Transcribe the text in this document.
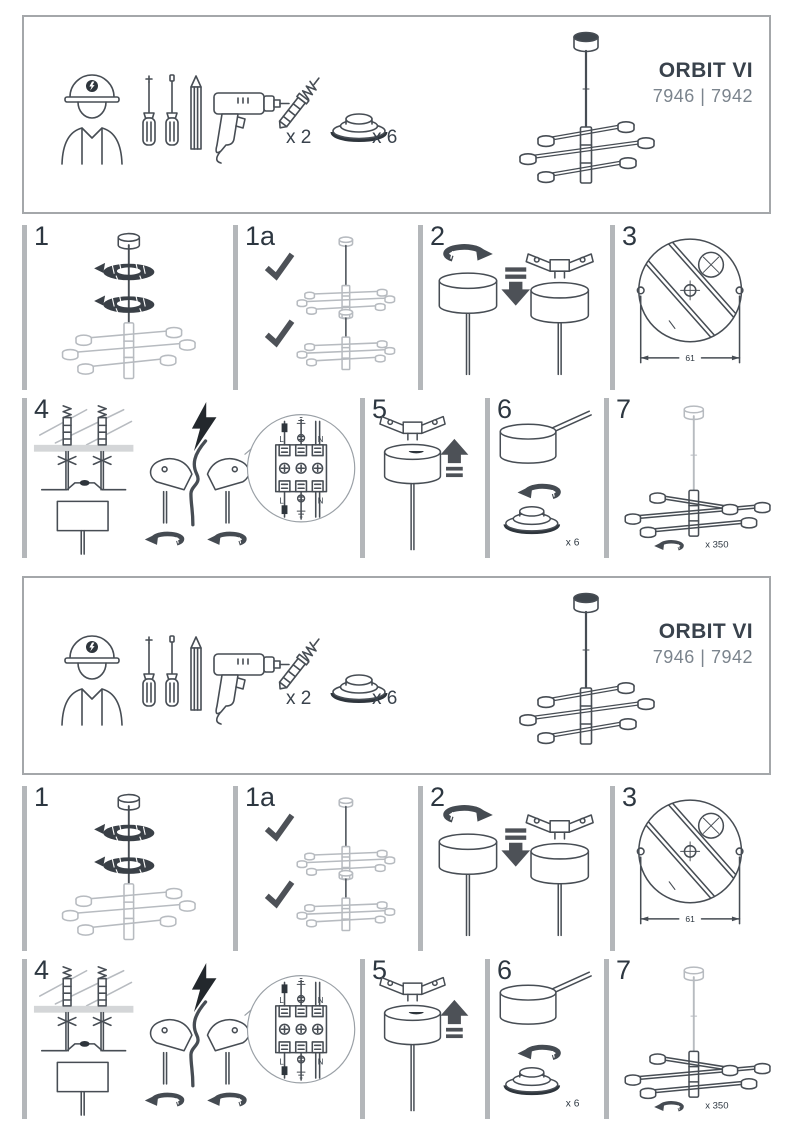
x 2	x 6
ORBIT VI
7946 | 7942
1	1a	2	3
61
4
L	N
L	N
5	6
x 6
7
x 350
x 2	x 6
ORBIT VI
7946 | 7942
1	1a	2	3
61
4
L	N
L	N
5	6
x 6
7
x 350
